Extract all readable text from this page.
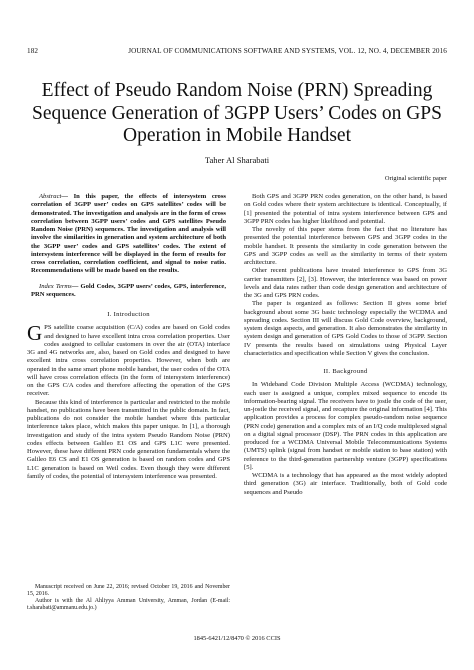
182	JOURNAL OF COMMUNICATIONS SOFTWARE AND SYSTEMS, VOL. 12, NO. 4, DECEMBER 2016
Effect of Pseudo Random Noise (PRN) Spreading Sequence Generation of 3GPP Users’ Codes on GPS Operation in Mobile Handset
Taher Al Sharabati
Original scientific paper

Abstract— In this paper, the effects of intersystem cross correlation of 3GPP user’ codes on GPS satellites’ codes will be demonstrated. The investigation and analysis are in the form of cross correlation between 3GPP users’ codes and GPS satellites Pseudo Random Noise (PRN) sequences. The investigation and analysis will involve the similarities in generation and system architecture of both the 3GPP user’ codes and GPS satellites’ codes. The extent of intersystem interference will be displayed in the form of results for cross correlation, correlation coefficient, and signal to noise ratio. Recommendations will be made based on the results.

Index Terms— Gold Codes, 3GPP users’ codes, GPS, interference, PRN sequences.

I. Introduction

GPS satellite coarse acquisition (C/A) codes are based on Gold codes and designed to have excellent intra cross correlation properties. User codes assigned to cellular customers in over the air (OTA) interface 3G and 4G networks are, also, based on Gold codes and designed to have excellent intra cross correlation properties. However, when both are operated in the same smart phone mobile handset, the user codes of the OTA will have cross correlation effects (in the form of intersystem interference) on the GPS C/A codes and therefore affecting the operation of the GPS receiver.

Because this kind of interference is particular and restricted to the mobile handset, no publications have been transmitted in the public domain. In fact, publications do not consider the mobile handset where this particular interference takes place, which makes this paper unique. In [1], a thorough investigation and study of the intra system Pseudo Random Noise (PRN) codes effects between Galileo E1 OS and GPS L1C were presented. However, these have different PRN code generation fundamentals where the Galileo E6 CS and E1 OS generation is based on random codes and GPS L1C generation is based on Weil codes. Even though they were different family of codes, the potential of intersystem interference was presented.

Manuscript received on June 22, 2016; revised October 19, 2016 and November 15, 2016.

Author is with the Al Ahliyya Amman University, Amman, Jordan (E-mail: t.sharabati@ammanu.edu.jo.)

Both GPS and 3GPP PRN codes generation, on the other hand, is based on Gold codes where their system architecture is identical. Conceptually, if [1] presented the potential of intra system interference between GPS and 3GPP PRN codes has higher likelihood and potential.

The novelty of this paper stems from the fact that no literature has presented the potential interference between GPS and 3GPP codes in the mobile handset. It presents the similarity in code generation between the GPS and 3GPP codes as well as the similarity in terms of their system architecture.

Other recent publications have treated interference to GPS from 3G carrier transmitters [2], [3]. However, the interference was based on power levels and data rates rather than code design generation and architecture of the 3G and GPS PRN codes.

The paper is organized as follows: Section II gives some brief background about some 3G basic technology especially the WCDMA and spreading codes. Section III will discuss Gold Code overview, background, system design aspects, and generation. It also demonstrates the similarity in system design and generation of GPS Gold Codes to those of 3GPP. Section IV presents the results based on simulations using Physical Layer characteristics and specification while Section V gives the conclusion.

II. Background

In Wideband Code Division Multiple Access (WCDMA) technology, each user is assigned a unique, complex mixed sequence to encode its information-bearing signal. The receivers have to jostle the code of the user, un-jostle the received signal, and recapture the original information [4]. This application provides a process for complex pseudo-random noise sequence (PRN code) generation and a complex mix of an I/Q code multiplexed signal on a digital signal processor (DSP). The PRN codes in this application are produced for a WCDMA Universal Mobile Telecommunications Systems (UMTS) uplink (signal from handset or mobile station to base station) with reference to the third-generation partnership venture (3GPP) specifications [5].

WCDMA is a technology that has appeared as the most widely adopted third generation (3G) air interface. Traditionally, both of Gold code sequences and Pseudo

1845-6421/12/8470 © 2016 CCIS
